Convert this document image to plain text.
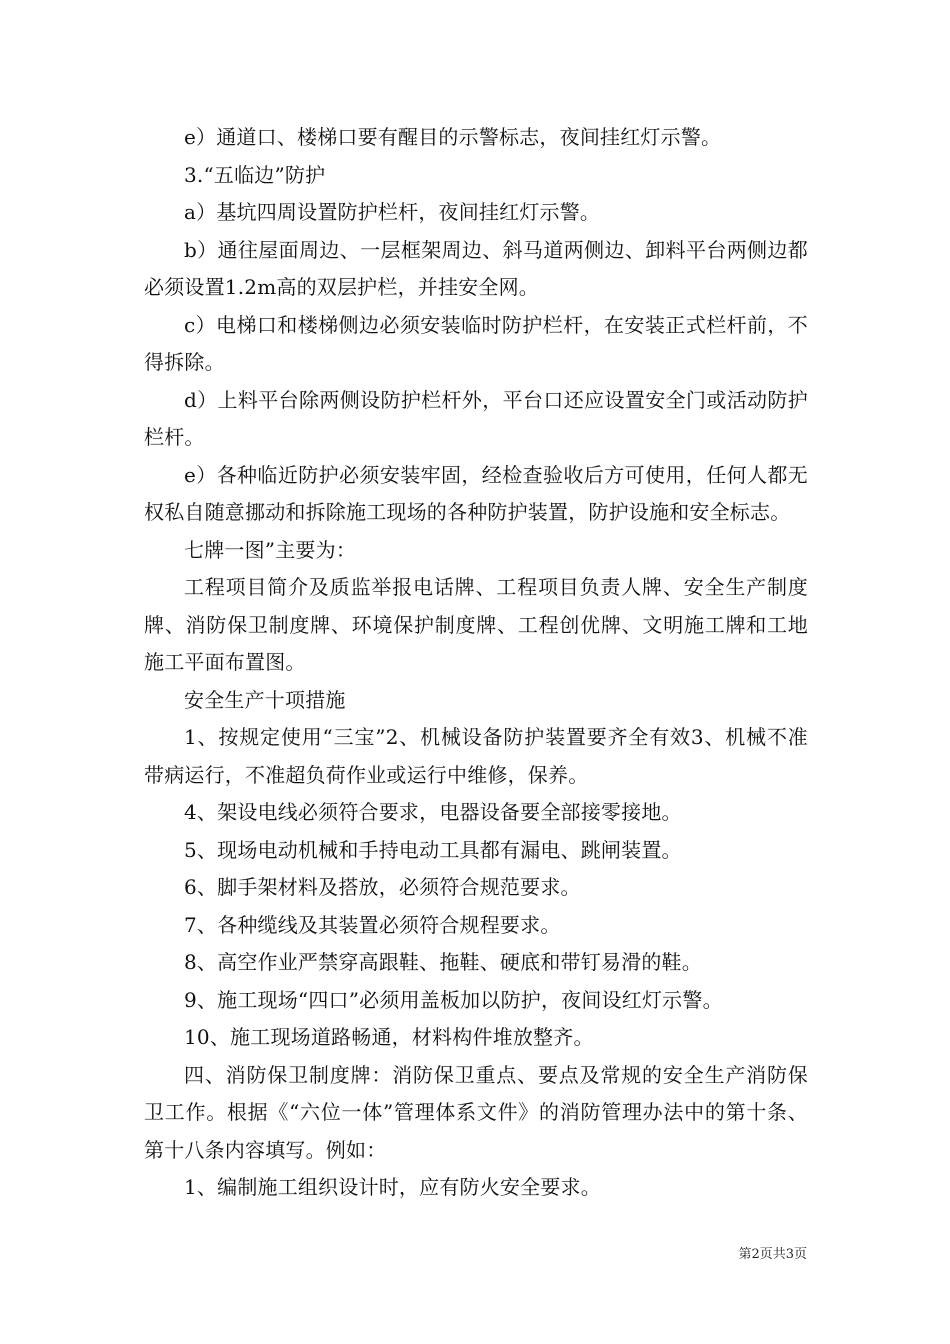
e）通道口、楼梯口要有醒目的示警标志，夜间挂红灯示警。

3.“五临边”防护

a）基坑四周设置防护栏杆，夜间挂红灯示警。

b）通往屋面周边、一层框架周边、斜马道两侧边、卸料平台两侧边都必须设置1.2m高的双层护栏，并挂安全网。

c）电梯口和楼梯侧边必须安装临时防护栏杆，在安装正式栏杆前，不得拆除。

d）上料平台除两侧设防护栏杆外，平台口还应设置安全门或活动防护栏杆。

e）各种临近防护必须安装牢固，经检查验收后方可使用，任何人都无权私自随意挪动和拆除施工现场的各种防护装置，防护设施和安全标志。

七牌一图”主要为：

工程项目简介及质监举报电话牌、工程项目负责人牌、安全生产制度牌、消防保卫制度牌、环境保护制度牌、工程创优牌、文明施工牌和工地施工平面布置图。

安全生产十项措施

1、按规定使用“三宝”2、机械设备防护装置要齐全有效3、机械不准带病运行，不准超负荷作业或运行中维修，保养。

4、架设电线必须符合要求，电器设备要全部接零接地。

5、现场电动机械和手持电动工具都有漏电、跳闸装置。

6、脚手架材料及搭放，必须符合规范要求。

7、各种缆线及其装置必须符合规程要求。

8、高空作业严禁穿高跟鞋、拖鞋、硬底和带钉易滑的鞋。

9、施工现场“四口”必须用盖板加以防护，夜间设红灯示警。

10、施工现场道路畅通，材料构件堆放整齐。

四、消防保卫制度牌：消防保卫重点、要点及常规的安全生产消防保卫工作。根据《“六位一体”管理体系文件》的消防管理办法中的第十条、第十八条内容填写。例如：

1、编制施工组织设计时，应有防火安全要求。

第2页共3页
